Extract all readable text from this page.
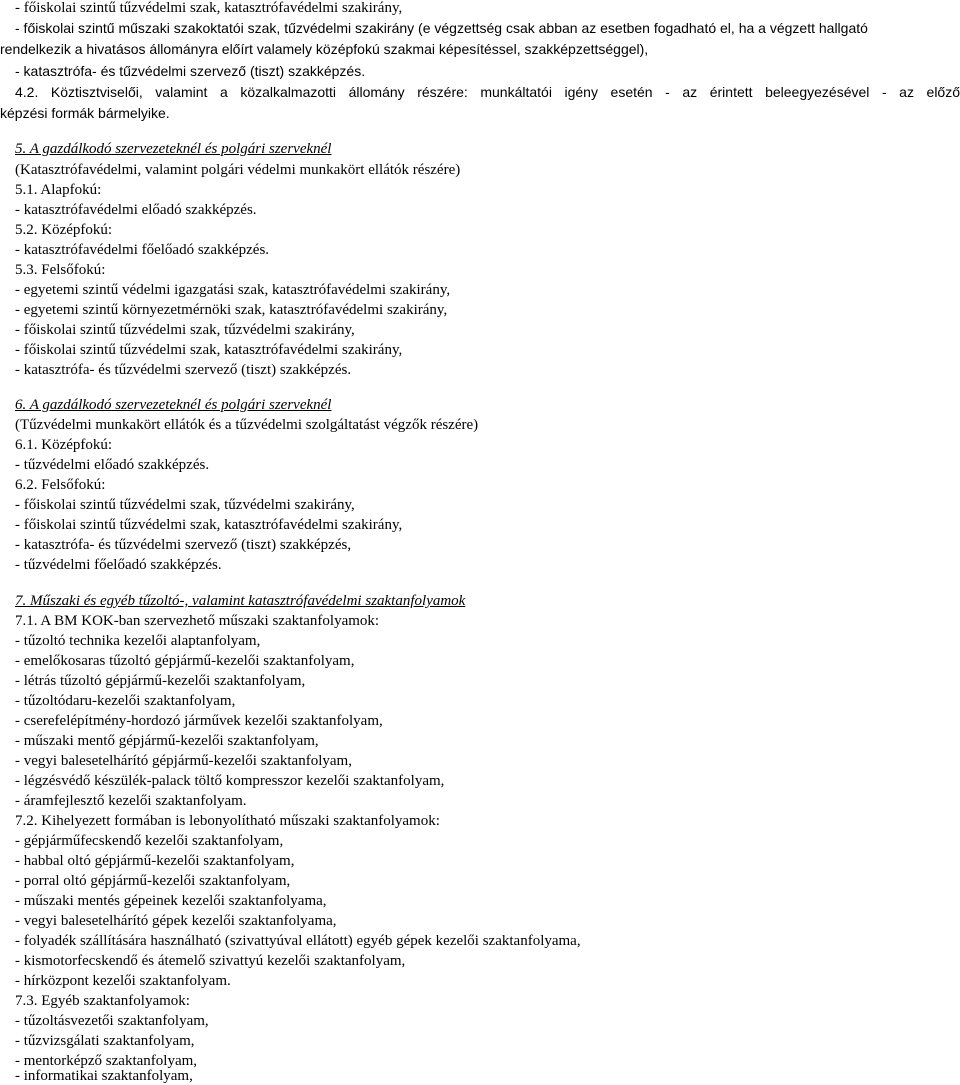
- főiskolai szintű tűzvédelmi szak, katasztrófavédelmi szakirány,
- főiskolai szintű műszaki szakoktatói szak, tűzvédelmi szakirány (e végzettség csak abban az esetben fogadható el, ha a végzett hallgató
rendelkezik a hivatásos állományra előírt valamely középfokú szakmai képesítéssel, szakképzettséggel),
- katasztrófa- és tűzvédelmi szervező (tiszt) szakképzés.
4.2. Köztisztviselői, valamint a közalkalmazotti állomány részére: munkáltatói igény esetén - az érintett beleegyezésével - az előző
képzési formák bármelyike.
5. A gazdálkodó szervezeteknél és polgári szerveknél
(Katasztrófavédelmi, valamint polgári védelmi munkakört ellátók részére)
5.1. Alapfokú:
- katasztrófavédelmi előadó szakképzés.
5.2. Középfokú:
- katasztrófavédelmi főelőadó szakképzés.
5.3. Felsőfokú:
- egyetemi szintű védelmi igazgatási szak, katasztrófavédelmi szakirány,
- egyetemi szintű környezetmérnöki szak, katasztrófavédelmi szakirány,
- főiskolai szintű tűzvédelmi szak, tűzvédelmi szakirány,
- főiskolai szintű tűzvédelmi szak, katasztrófavédelmi szakirány,
- katasztrófa- és tűzvédelmi szervező (tiszt) szakképzés.
6. A gazdálkodó szervezeteknél és polgári szerveknél
(Tűzvédelmi munkakört ellátók és a tűzvédelmi szolgáltatást végzők részére)
6.1. Középfokú:
- tűzvédelmi előadó szakképzés.
6.2. Felsőfokú:
- főiskolai szintű tűzvédelmi szak, tűzvédelmi szakirány,
- főiskolai szintű tűzvédelmi szak, katasztrófavédelmi szakirány,
- katasztrófa- és tűzvédelmi szervező (tiszt) szakképzés,
- tűzvédelmi főelőadó szakképzés.
7. Műszaki és egyéb tűzoltó-, valamint katasztrófavédelmi szaktanfolyamok
7.1. A BM KOK-ban szervezhető műszaki szaktanfolyamok:
- tűzoltó technika kezelői alaptanfolyam,
- emelőkosaras tűzoltó gépjármű-kezelői szaktanfolyam,
- létrás tűzoltó gépjármű-kezelői szaktanfolyam,
- tűzoltódaru-kezelői szaktanfolyam,
- cserefelépítmény-hordozó járművek kezelői szaktanfolyam,
- műszaki mentő gépjármű-kezelői szaktanfolyam,
- vegyi balesetelhárító gépjármű-kezelői szaktanfolyam,
- légzésvédő készülék-palack töltő kompresszor kezelői szaktanfolyam,
- áramfejlesztő kezelői szaktanfolyam.
7.2. Kihelyezett formában is lebonyolítható műszaki szaktanfolyamok:
- gépjárműfecskendő kezelői szaktanfolyam,
- habbal oltó gépjármű-kezelői szaktanfolyam,
- porral oltó gépjármű-kezelői szaktanfolyam,
- műszaki mentés gépeinek kezelői szaktanfolyama,
- vegyi balesetelhárító gépek kezelői szaktanfolyama,
- folyadék szállítására használható (szivattyúval ellátott) egyéb gépek kezelői szaktanfolyama,
- kismotorfecskendő és átemelő szivattyú kezelői szaktanfolyam,
- hírközpont kezelői szaktanfolyam.
7.3. Egyéb szaktanfolyamok:
- tűzoltásvezetői szaktanfolyam,
- tűzvizsgálati szaktanfolyam,
- mentorképző szaktanfolyam,
- informatikai szaktanfolyam,
